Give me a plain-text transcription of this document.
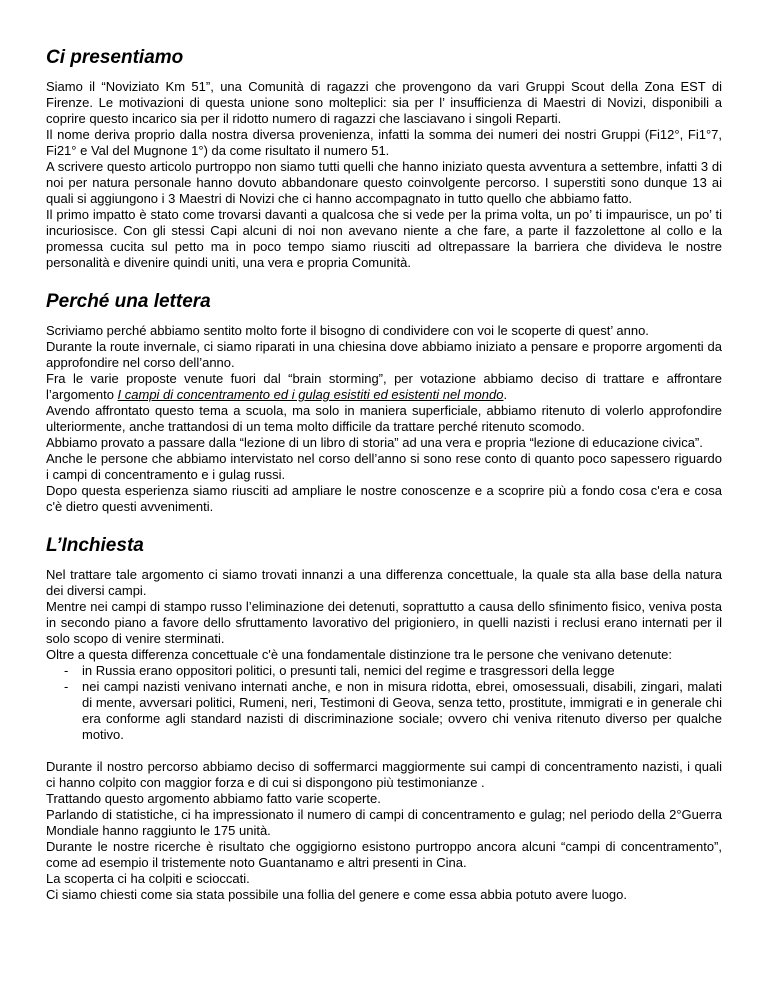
Ci presentiamo

Siamo il “Noviziato Km 51”, una Comunità di ragazzi che provengono da vari Gruppi Scout della Zona EST di Firenze. Le motivazioni di questa unione sono molteplici: sia per l’ insufficienza di Maestri di Novizi, disponibili a coprire questo incarico sia per il ridotto numero di ragazzi che lasciavano i singoli Reparti.

Il nome deriva proprio dalla nostra diversa provenienza, infatti la somma dei numeri dei nostri Gruppi (Fi12°, Fi1°7, Fi21° e Val del Mugnone 1°) da come risultato il numero 51.

A scrivere questo articolo purtroppo non siamo tutti quelli che hanno iniziato questa avventura a settembre, infatti 3 di noi per natura personale hanno dovuto abbandonare questo coinvolgente percorso. I superstiti sono dunque 13 ai quali si aggiungono i 3 Maestri di Novizi che ci hanno accompagnato in tutto quello che abbiamo fatto.

Il primo impatto è stato come trovarsi davanti a qualcosa che si vede per la prima volta, un po’ ti impaurisce, un po’ ti incuriosisce. Con gli stessi Capi alcuni di noi non avevano niente a che fare, a parte il fazzolettone al collo e la promessa cucita sul petto ma in poco tempo siamo riusciti ad oltrepassare la barriera che divideva le nostre personalità e divenire quindi uniti, una vera e propria Comunità.

Perché una lettera

Scriviamo perché abbiamo sentito molto forte il bisogno di condividere con voi le scoperte di quest’ anno.

Durante la route invernale, ci siamo riparati in una chiesina dove abbiamo iniziato a pensare e proporre argomenti da approfondire nel corso dell’anno.

Fra le varie proposte venute fuori dal “brain storming”, per votazione abbiamo deciso di trattare e affrontare l’argomento I campi di concentramento ed i gulag esistiti ed esistenti nel mondo.

Avendo affrontato questo tema a scuola, ma solo in maniera superficiale, abbiamo ritenuto di volerlo approfondire ulteriormente, anche trattandosi di un tema molto difficile da trattare perché ritenuto scomodo.

Abbiamo provato a passare dalla “lezione di un libro di storia” ad una vera e propria “lezione di educazione civica”.

Anche le persone che abbiamo intervistato nel corso dell’anno si sono rese conto di quanto poco sapessero riguardo i campi di concentramento e i gulag russi.

Dopo questa esperienza siamo riusciti ad ampliare le nostre conoscenze e a scoprire più a fondo cosa c'era e cosa c'è dietro questi avvenimenti.

L’Inchiesta

Nel trattare tale argomento ci siamo trovati innanzi a una differenza concettuale, la quale sta alla base della natura dei diversi campi.

Mentre nei campi di stampo russo l’eliminazione dei detenuti, soprattutto a causa dello sfinimento fisico, veniva posta in secondo piano a favore dello sfruttamento lavorativo del prigioniero, in quelli nazisti i reclusi erano internati per il solo scopo di venire sterminati.

Oltre a questa differenza concettuale c'è una fondamentale distinzione tra le persone che venivano detenute:

- in Russia erano oppositori politici, o presunti tali, nemici del regime e trasgressori della legge
- nei campi nazisti venivano internati anche, e non in misura ridotta, ebrei, omosessuali, disabili, zingari, malati di mente, avversari politici, Rumeni, neri, Testimoni di Geova, senza tetto, prostitute, immigrati e in generale chi era conforme agli standard nazisti di discriminazione sociale; ovvero chi veniva ritenuto diverso per qualche motivo.

Durante il nostro percorso abbiamo deciso di soffermarci maggiormente sui campi di concentramento nazisti, i quali ci hanno colpito con maggior forza e di cui si dispongono più testimonianze .

Trattando questo argomento abbiamo fatto varie scoperte.

Parlando di statistiche, ci ha impressionato il numero di campi di concentramento e gulag; nel periodo della 2°Guerra Mondiale hanno raggiunto le 175 unità.

Durante le nostre ricerche è risultato che oggigiorno esistono purtroppo ancora alcuni “campi di concentramento”, come ad esempio il tristemente noto Guantanamo e altri presenti in Cina.

La scoperta ci ha colpiti e scioccati.

Ci siamo chiesti come sia stata possibile una follia del genere e come essa abbia potuto avere luogo.
